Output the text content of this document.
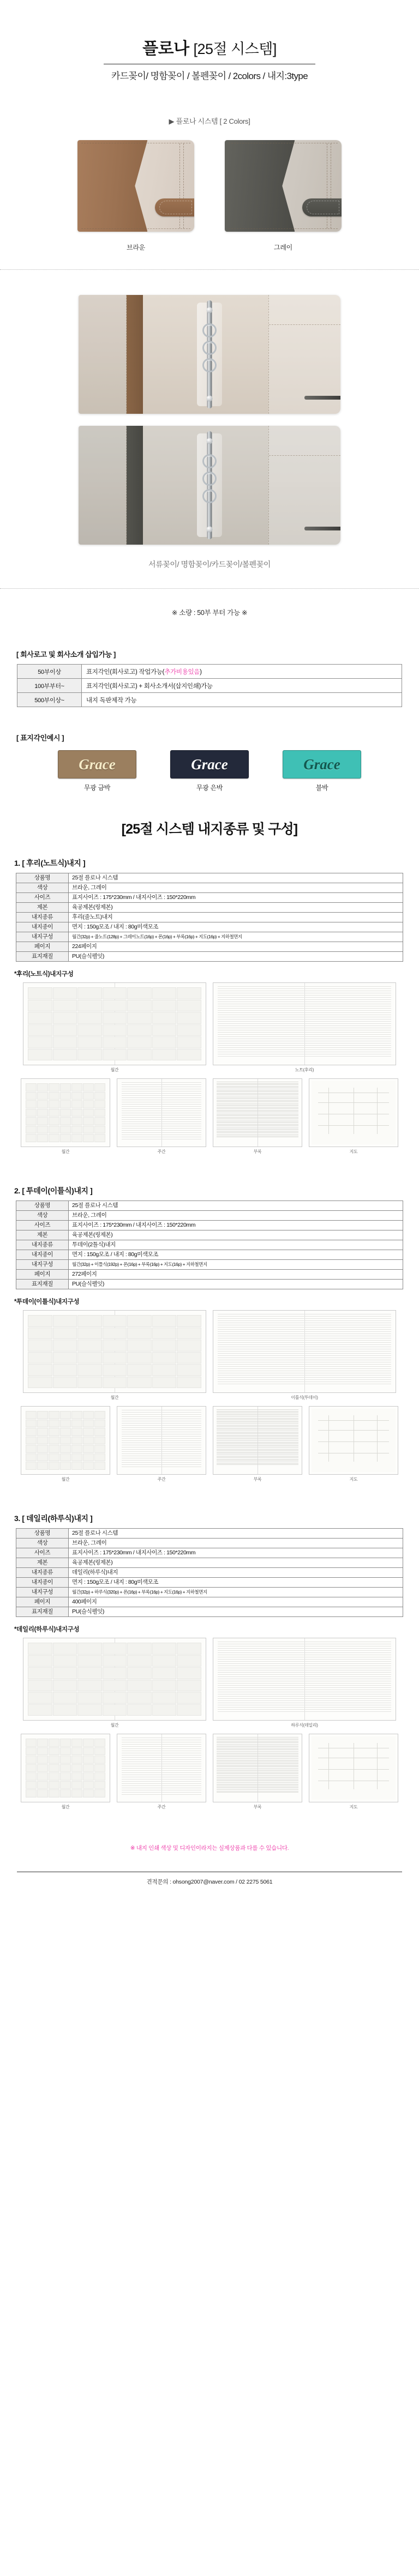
플로나 [25절 시스템]
카드꽂이/ 명함꽂이 / 볼펜꽂이 / 2colors / 내지:3type
▶ 플로나 시스템 [ 2 Colors]
브라운	그레이
서류꽂이/ 명함꽂이/카드꽂이/볼펜꽂이
※ 소량 : 50부 부터 가능 ※
[ 회사로고 및 회사소개 삽입가능 ]
50부이상	표지각인(회사로고) 작업가능(추가비용있음)
100부부터~	표지각인(회사로고) + 회사소개서(삽지인쇄)가능
500부이상~	내지 독판제작 가능
[ 표지각인예시 ]
Grace
무광 금박
Grace
무광 은박
Grace
불박
[25절 시스템 내지종류 및 구성]
1. [ 후리(노트식)내지 ]
상품명	25절 플로나 시스템
색상	브라운, 그레이
사이즈	표지사이즈 : 175*230mm / 내지사이즈 : 150*220mm
제본	육공제본(링제본)
내지종류	후리(줄노트)내지
내지종이	면지 : 150g모조 / 내지 : 80g미색모조
내지구성	월간(32p) + 줄노트(128p) + 그레이노트(16p) + 폰(16p) + 부록(16p) + 지도(16p) + 지하철면지
페이지	224페이지
표지재질	PU(슬식펠잇)
*후리(노트식)내지구성
월간	노트(후리)
월간	주간	부록	지도
2. [ 투데이(이틀식)내지 ]
상품명	25절 플로나 시스템
색상	브라운, 그레이
사이즈	표지사이즈 : 175*230mm / 내지사이즈 : 150*220mm
제본	육공제본(링제본)
내지종류	투데이(2틀식)내지
내지종이	면지 : 150g모조 / 내지 : 80g미색모조
내지구성	월간(32p) + 이틀식(192p) + 폰(16p) + 부록(16p) + 지도(16p) + 지하철면지
페이지	272페이지
표지재질	PU(슬식펠잇)
*투데이(이틀식)내지구성
월간	이틀식(투데이)
월간	주간	부록	지도
3. [ 데일리(하루식)내지 ]
상품명	25절 플로나 시스템
색상	브라운, 그레이
사이즈	표지사이즈 : 175*230mm / 내지사이즈 : 150*220mm
제본	육공제본(링제본)
내지종류	데일리(하루식)내지
내지종이	면지 : 150g모조 / 내지 : 80g미색모조
내지구성	월간(32p) + 하루식(320p) + 폰(16p) + 부록(16p) + 지도(16p) + 지하철면지
페이지	400페이지
표지재질	PU(슬식펠잇)
*데일리(하루식)내지구성
월간	하루식(데일리)
월간	주간	부록	지도
※ 내지 인쇄 색상 및 디자인이라지는 실제상품과 다를 수 있습니다.
견적문의 : ohsong2007@naver.com / 02 2275 5061
